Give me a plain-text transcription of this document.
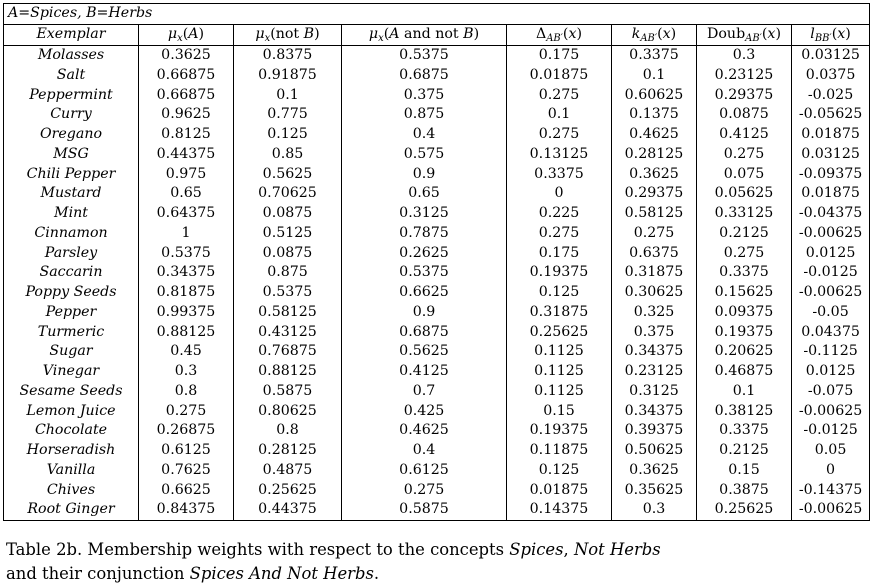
A=Spices, B=Herbs							
Exemplar	$\mu_x(A)$	$\mu_x(not$ B)	$\mu_x(A$ and not B)	$\Delta_{AB'}(x)$	$k_{AB'}(x)$	Doub$_{AB'}$(x)	$l_{BB'}(x)$
Molasses	0.3625	0.8375	0.5375	0.175	0.3375	0.3	0.03125
Salt	0.66875	0.91875	0.6875	0.01875	0.1	0.23125	0.0375
Peppermint	0.66875	0.1	0.375	0.275	0.60625	0.29375	-0.025
Curry	0.9625	0.775	0.875	0.1	0.1375	0.0875	-0.05625
Oregano	0.8125	0.125	0.4	0.275	0.4625	0.4125	0.01875
MSG	0.44375	0.85	0.575	0.13125	0.28125	0.275	0.03125
Chili Pepper	0.975	0.5625	0.9	0.3375	0.3625	0.075	-0.09375
Mustard	0.65	0.70625	0.65	0	0.29375	0.05625	0.01875
Mint	0.64375	0.0875	0.3125	0.225	0.58125	0.33125	-0.04375
Cinnamon	1	0.5125	0.7875	0.275	0.275	0.2125	-0.00625
Parsley	0.5375	0.0875	0.2625	0.175	0.6375	0.275	0.0125
Saccarin	0.34375	0.875	0.5375	0.19375	0.31875	0.3375	-0.0125
Poppy Seeds	0.81875	0.5375	0.6625	0.125	0.30625	0.15625	-0.00625
Pepper	0.99375	0.58125	0.9	0.31875	0.325	0.09375	-0.05
Turmeric	0.88125	0.43125	0.6875	0.25625	0.375	0.19375	0.04375
Sugar	0.45	0.76875	0.5625	0.1125	0.34375	0.20625	-0.1125
Vinegar	0.3	0.88125	0.4125	0.1125	0.23125	0.46875	0.0125
Sesame Seeds	0.8	0.5875	0.7	0.1125	0.3125	0.1	-0.075
Lemon Juice	0.275	0.80625	0.425	0.15	0.34375	0.38125	-0.00625
Chocolate	0.26875	0.8	0.4625	0.19375	0.39375	0.3375	-0.0125
Horseradish	0.6125	0.28125	0.4	0.11875	0.50625	0.2125	0.05
Vanilla	0.7625	0.4875	0.6125	0.125	0.3625	0.15	0
Chives	0.6625	0.25625	0.275	0.01875	0.35625	0.3875	-0.14375
Root Ginger	0.84375	0.44375	0.5875	0.14375	0.3	0.25625	-0.00625
Table 2b. Membership weights with respect to the concepts Spices, Not Herbs
and their conjunction Spices And Not Herbs.
